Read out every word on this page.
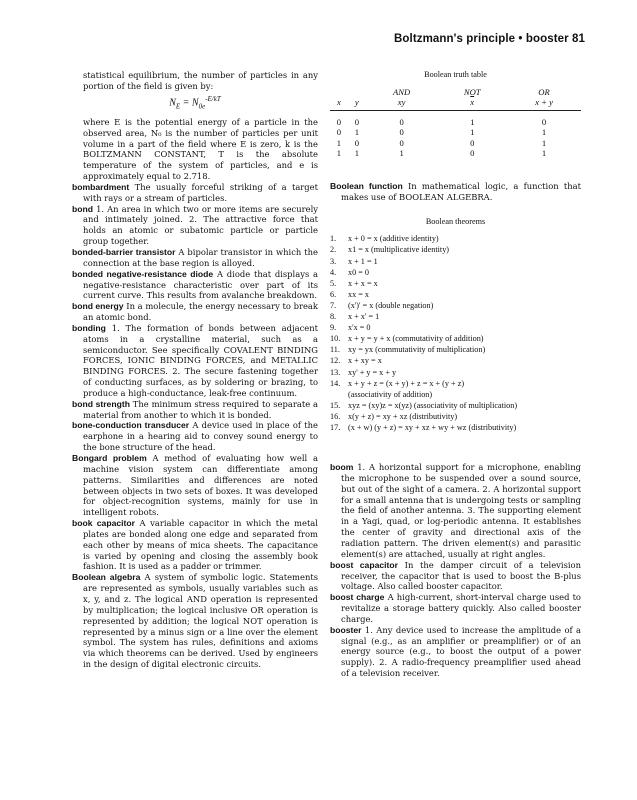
Boltzmann's principle • booster 81

statistical equilibrium, the number of particles in any portion of the field is given by:

$N_E = N_{0e}^{-E/kT}$

where E is the potential energy of a particle in the observed area, N₀ is the number of particles per unit volume in a part of the field where E is zero, k is the BOLTZMANN CONSTANT, T is the absolute temperature of the system of particles, and e is approximately equal to 2.718.

bombardment The usually forceful striking of a target with rays or a stream of particles.

bond 1. An area in which two or more items are securely and intimately joined. 2. The attractive force that holds an atomic or subatomic particle or particle group together.

bonded-barrier transistor A bipolar transistor in which the connection at the base region is alloyed.

bonded negative-resistance diode A diode that displays a negative-resistance characteristic over part of its current curve. This results from avalanche breakdown.

bond energy In a molecule, the energy necessary to break an atomic bond.

bonding 1. The formation of bonds between adjacent atoms in a crystalline material, such as a semiconductor. See specifically COVALENT BINDING FORCES, IONIC BINDING FORCES, and METALLIC BINDING FORCES. 2. The secure fastening together of conducting surfaces, as by soldering or brazing, to produce a high-conductance, leak-free continuum.

bond strength The minimum stress required to separate a material from another to which it is bonded.

bone-conduction transducer A device used in place of the earphone in a hearing aid to convey sound energy to the bone structure of the head.

Bongard problem A method of evaluating how well a machine vision system can differentiate among patterns. Similarities and differences are noted between objects in two sets of boxes. It was developed for object-recognition systems, mainly for use in intelligent robots.

book capacitor A variable capacitor in which the metal plates are bonded along one edge and separated from each other by means of mica sheets. The capacitance is varied by opening and closing the assembly book fashion. It is used as a padder or trimmer.

Boolean algebra A system of symbolic logic. Statements are represented as symbols, usually variables such as x, y, and z. The logical AND operation is represented by multiplication; the logical inclusive OR operation is represented by addition; the logical NOT operation is represented by a minus sign or a line over the element symbol. The system has rules, definitions and axioms via which theorems can be derived. Used by engineers in the design of digital electronic circuits.

Boolean truth table
		AND	NOT	OR
x	y	xy	$\overline{x}$	x + y
0	0	0	1	0
0	1	0	1	1
1	0	0	0	1
1	1	1	0	1

Boolean function In mathematical logic, a function that makes use of BOOLEAN ALGEBRA.

Boolean theorems
1.	x + 0 = x (additive identity)
2.	x1 = x (multiplicative identity)
3.	x + 1 = 1
4.	x0 = 0
5.	x + x = x
6.	xx = x
7.	(x')' = x (double negation)
8.	x + x' = 1
9.	x'x = 0
10. x + y = y + x (commutativity of addition)
11. xy = yx (commutativity of multiplication)
12. x + xy = x
13. xy' + y = x + y
14. x + y + z = (x + y) + z = x + (y + z)
(associativity of addition)
15. xyz = (xy)z = x(yz) (associativity of multiplication)
16. x(y + z) = xy + xz (distributivity)
17. (x + w) (y + z) = xy + xz + wy + wz (distributivity)

boom 1. A horizontal support for a microphone, enabling the microphone to be suspended over a sound source, but out of the sight of a camera. 2. A horizontal support for a small antenna that is undergoing tests or sampling the field of another antenna. 3. The supporting element in a Yagi, quad, or log-periodic antenna. It establishes the center of gravity and directional axis of the radiation pattern. The driven element(s) and parasitic element(s) are attached, usually at right angles.

boost capacitor In the damper circuit of a television receiver, the capacitor that is used to boost the B-plus voltage. Also called booster capacitor.

boost charge A high-current, short-interval charge used to revitalize a storage battery quickly. Also called booster charge.

booster 1. Any device used to increase the amplitude of a signal (e.g., as an amplifier or preamplifier) or of an energy source (e.g., to boost the output of a power supply). 2. A radio-frequency preamplifier used ahead of a television receiver.
